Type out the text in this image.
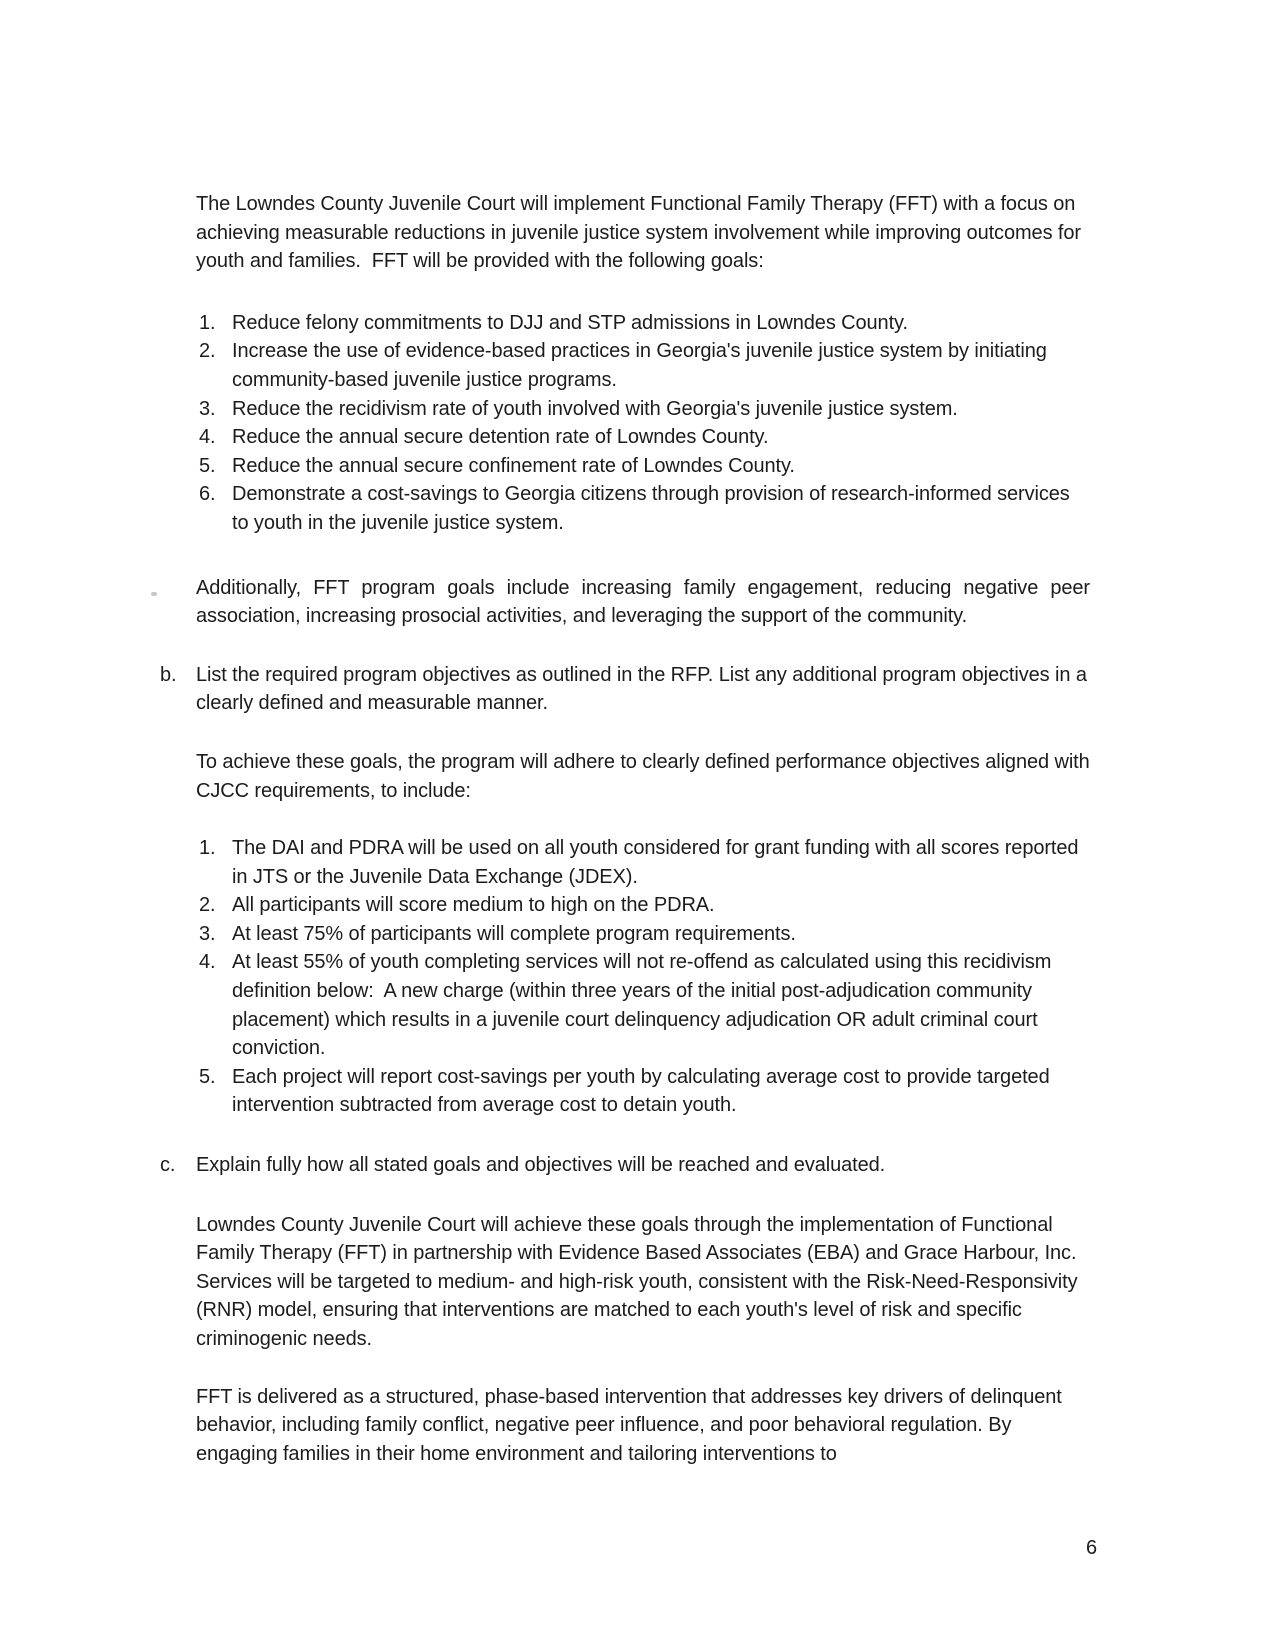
The Lowndes County Juvenile Court will implement Functional Family Therapy (FFT) with a focus on achieving measurable reductions in juvenile justice system involvement while improving outcomes for youth and families.  FFT will be provided with the following goals:

1. Reduce felony commitments to DJJ and STP admissions in Lowndes County.
2. Increase the use of evidence-based practices in Georgia's juvenile justice system by initiating community-based juvenile justice programs.
3. Reduce the recidivism rate of youth involved with Georgia's juvenile justice system.
4. Reduce the annual secure detention rate of Lowndes County.
5. Reduce the annual secure confinement rate of Lowndes County.
6. Demonstrate a cost-savings to Georgia citizens through provision of research-informed services to youth in the juvenile justice system.

Additionally, FFT program goals include increasing family engagement, reducing negative peer association, increasing prosocial activities, and leveraging the support of the community.

b. List the required program objectives as outlined in the RFP. List any additional program objectives in a clearly defined and measurable manner.

To achieve these goals, the program will adhere to clearly defined performance objectives aligned with CJCC requirements, to include:

1. The DAI and PDRA will be used on all youth considered for grant funding with all scores reported in JTS or the Juvenile Data Exchange (JDEX).
2. All participants will score medium to high on the PDRA.
3. At least 75% of participants will complete program requirements.
4. At least 55% of youth completing services will not re-offend as calculated using this recidivism definition below:  A new charge (within three years of the initial post-adjudication community placement) which results in a juvenile court delinquency adjudication OR adult criminal court conviction.
5. Each project will report cost-savings per youth by calculating average cost to provide targeted intervention subtracted from average cost to detain youth.
c.	Explain fully how all stated goals and objectives will be reached and evaluated.

Lowndes County Juvenile Court will achieve these goals through the implementation of Functional Family Therapy (FFT) in partnership with Evidence Based Associates (EBA) and Grace Harbour, Inc. Services will be targeted to medium- and high-risk youth, consistent with the Risk-Need-Responsivity (RNR) model, ensuring that interventions are matched to each youth's level of risk and specific criminogenic needs.

FFT is delivered as a structured, phase-based intervention that addresses key drivers of delinquent behavior, including family conflict, negative peer influence, and poor behavioral regulation. By engaging families in their home environment and tailoring interventions to

6
